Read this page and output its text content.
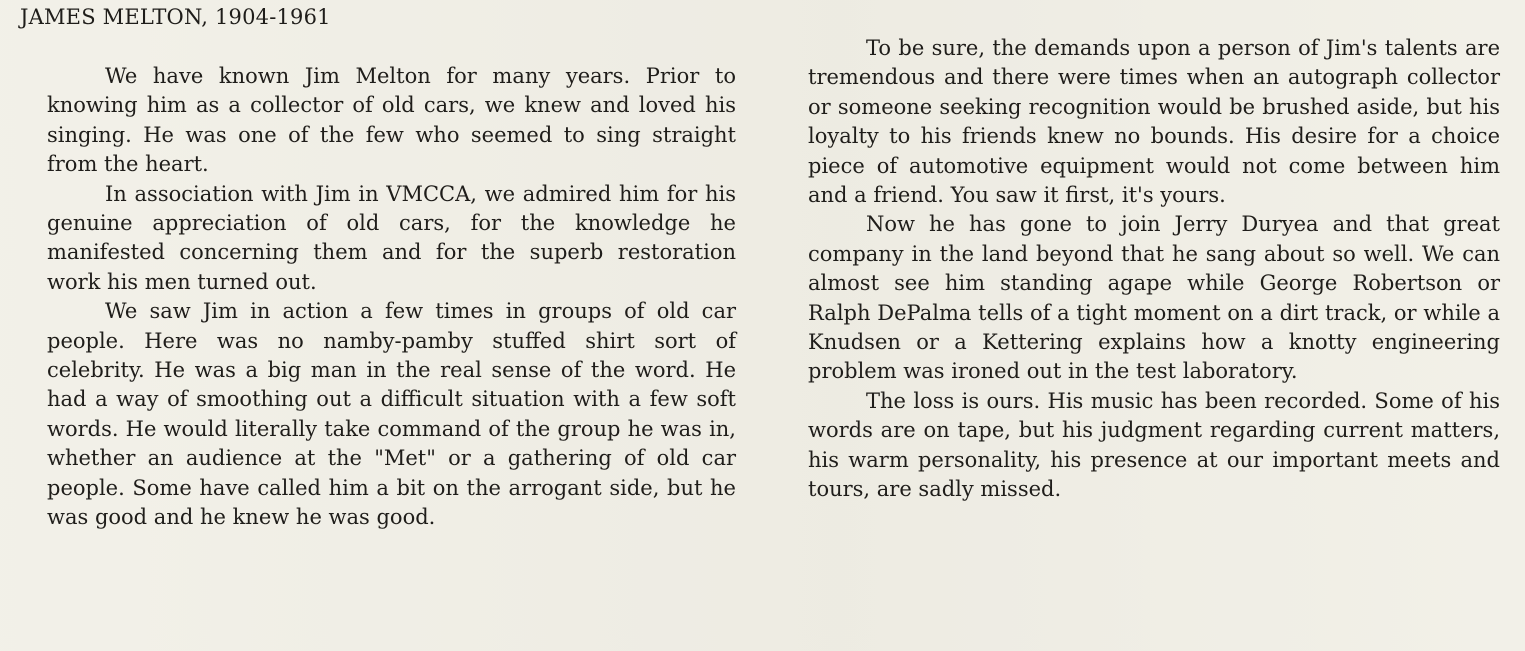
JAMES MELTON, 1904-1961

We have known Jim Melton for many years. Prior to knowing him as a collector of old cars, we knew and loved his singing. He was one of the few who seemed to sing straight from the heart.

In association with Jim in VMCCA, we admired him for his genuine appreciation of old cars, for the knowledge he manifested concerning them and for the superb restoration work his men turned out.

We saw Jim in action a few times in groups of old car people. Here was no namby-pamby stuffed shirt sort of celebrity. He was a big man in the real sense of the word. He had a way of smoothing out a difficult situation with a few soft words. He would literally take command of the group he was in, whether an audience at the "Met" or a gathering of old car people. Some have called him a bit on the arrogant side, but he was good and he knew he was good.

To be sure, the demands upon a person of Jim's talents are tremendous and there were times when an autograph collector or someone seeking recognition would be brushed aside, but his loyalty to his friends knew no bounds. His desire for a choice piece of automotive equipment would not come between him and a friend. You saw it first, it's yours.

Now he has gone to join Jerry Duryea and that great company in the land beyond that he sang about so well. We can almost see him standing agape while George Robertson or Ralph DePalma tells of a tight moment on a dirt track, or while a Knudsen or a Kettering explains how a knotty engineering problem was ironed out in the test laboratory.

The loss is ours. His music has been recorded. Some of his words are on tape, but his judgment regarding current matters, his warm personality, his presence at our important meets and tours, are sadly missed.
